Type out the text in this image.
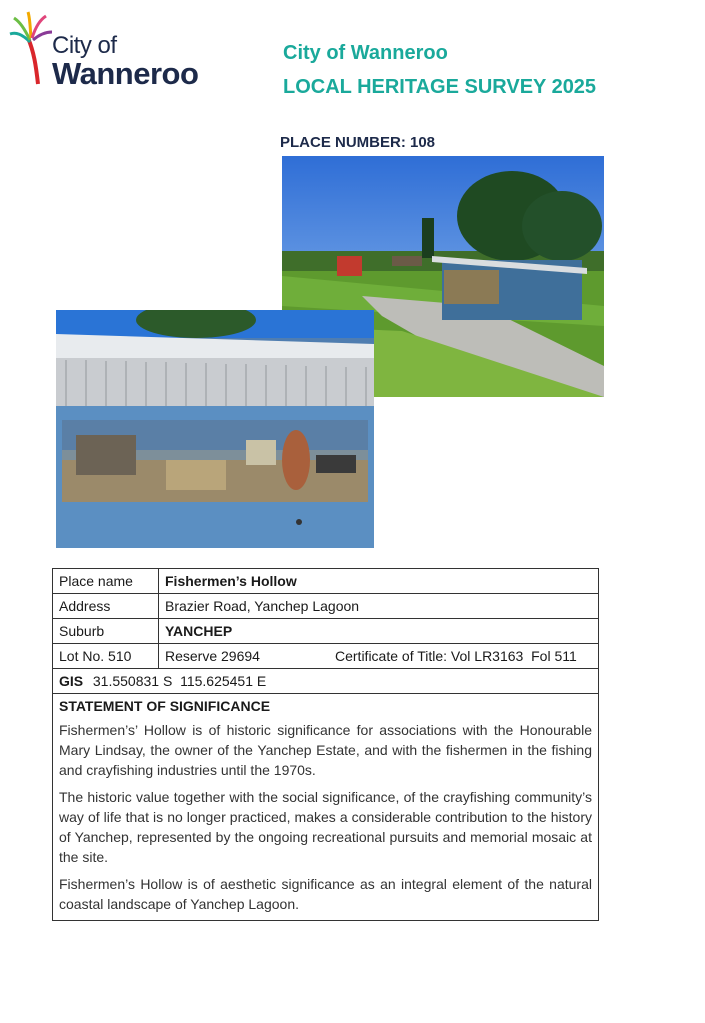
City of
Wanneroo
City of Wanneroo
LOCAL HERITAGE SURVEY 2025
PLACE NUMBER: 108
Place name	Fishermen’s Hollow
Address	Brazier Road, Yanchep Lagoon
Suburb	YANCHEP
Lot No. 510	Reserve 29694 Certificate of Title: Vol LR3163  Fol 511
GIS 31.550831 S  115.625451 E	

STATEMENT OF SIGNIFICANCE

Fishermen’s’ Hollow is of historic significance for associations with the Honourable Mary Lindsay, the owner of the Yanchep Estate, and with the fishermen in the fishing and crayfishing industries until the 1970s.

The historic value together with the social significance, of the crayfishing community’s way of life that is no longer practiced, makes a considerable contribution to the history of Yanchep, represented by the ongoing recreational pursuits and memorial mosaic at the site.

Fishermen’s Hollow is of aesthetic significance as an integral element of the natural coastal landscape of Yanchep Lagoon.	
